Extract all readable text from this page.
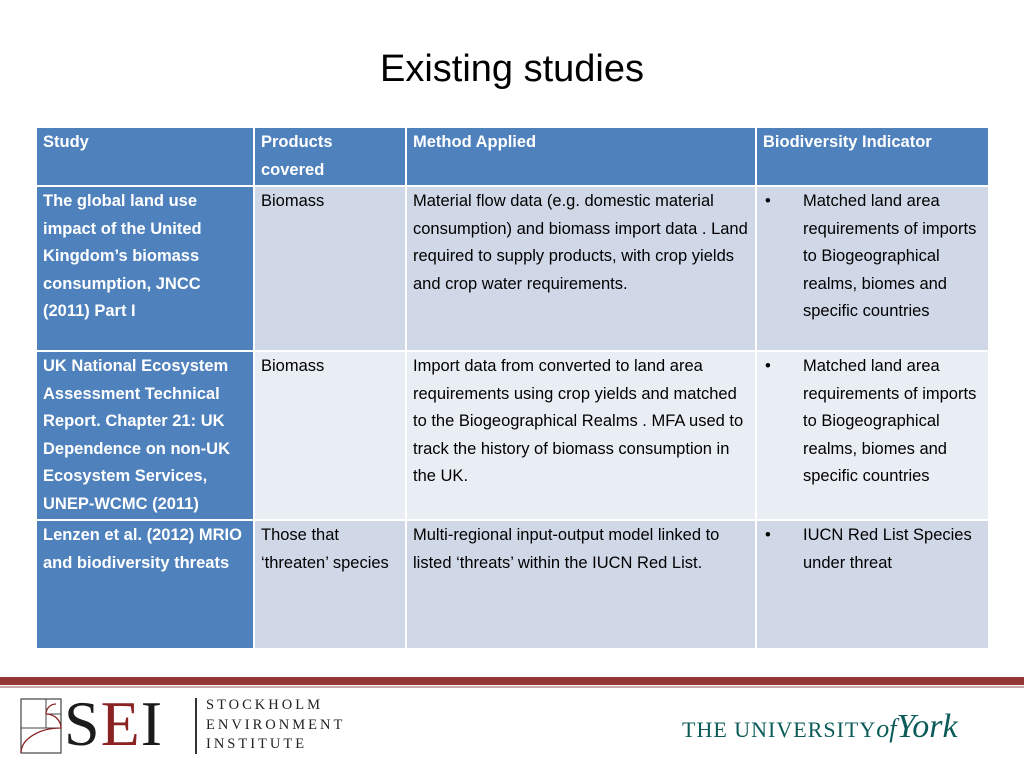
Existing studies
Study	Products covered	Method Applied	Biodiversity Indicator
The global land use impact of the United Kingdom’s biomass consumption, JNCC (2011) Part I	Biomass	Material flow data (e.g. domestic material consumption) and biomass import data . Land required to supply products, with crop yields and crop water requirements.	• Matched land area requirements of imports to Biogeographical realms, biomes and specific countries

UK National Ecosystem Assessment Technical Report. Chapter 21: UK Dependence on non-UK Ecosystem Services, UNEP-WCMC (2011)	Biomass	Import data from converted to land area requirements using crop yields and matched to the Biogeographical Realms . MFA used to track the history of biomass consumption in the UK.	• Matched land area requirements of imports to Biogeographical realms, biomes and specific countries

Lenzen et al. (2012) MRIO and biodiversity threats	Those that ‘threaten’ species	Multi-regional input-output model linked to listed ‘threats’ within the IUCN Red List.	• IUCN Red List Species under threat
SEI	STOCKHOLM
ENVIRONMENT
INSTITUTE
THE UNIVERSITYofYork
